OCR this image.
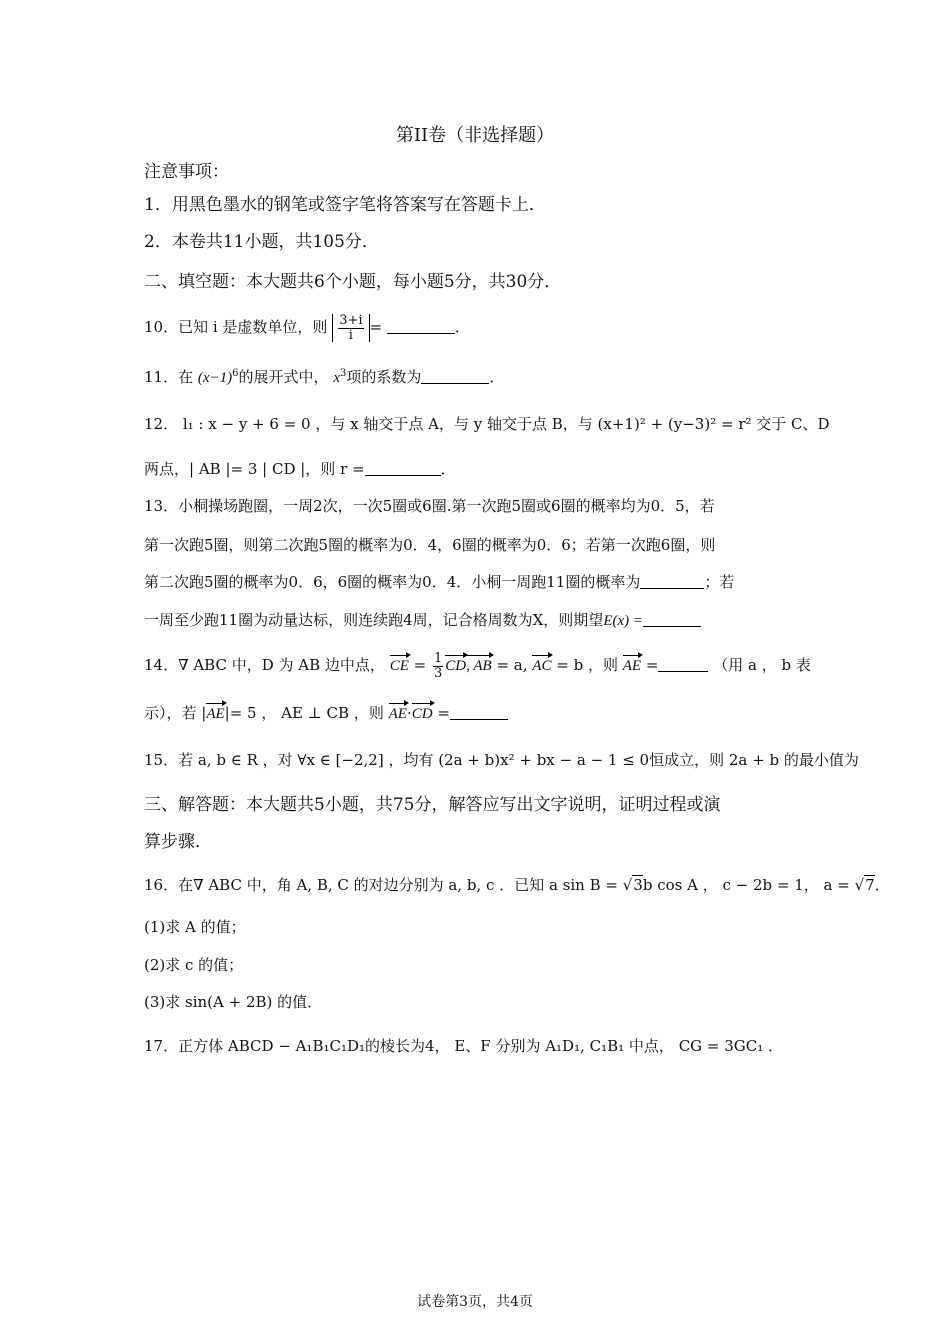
第II卷（非选择题）
注意事项：
1．用黑色墨水的钢笔或签字笔将答案写在答题卡上．
2．本卷共11小题，共105分．
二、填空题：本大题共6个小题，每小题5分，共30分．
10．已知 i 是虚数单位，则 $\frac{3+i}{i}$ =	．
11．在 $(x-1)^6$的展开式中， $x^3$项的系数为	．
12． l₁ : x − y + 6 = 0 ，与 x 轴交于点 A，与 y 轴交于点 B，与 (x+1)² + (y−3)² = r² 交于 C、D
两点，| AB |= 3 | CD |，则 r =	．
13．小桐操场跑圈，一周2次，一次5圈或6圈.第一次跑5圈或6圈的概率均为0．5，若
第一次跑5圈，则第二次跑5圈的概率为0．4，6圈的概率为0．6；若第一次跑6圈，则
第二次跑5圈的概率为0．6，6圈的概率为0．4．小桐一周跑11圈的概率为	；若
一周至少跑11圈为动量达标，则连续跑4周，记合格周数为X，则期望E(x) =
14．∇ ABC 中，D 为 AB 边中点， CE = $\frac{1}{3}$ CD, AB = a, AC = b ，则 AE =	（用 a ， b 表
示），若 |AE|= 5 ， AE ⊥ CB ，则 AE·CD =
15．若 a, b ∈ R ，对 ∀x ∈ [−2,2] ，均有 (2a + b)x² + bx − a − 1 ≤ 0恒成立，则 2a + b 的最小值为
三、解答题：本大题共5小题，共75分，解答应写出文字说明，证明过程或演
算步骤．
16．在∇ ABC 中，角 A, B, C 的对边分别为 a, b, c ．已知 a sin B = √3b cos A ， c − 2b = 1， a = √7．
(1)求 A 的值；
(2)求 c 的值；
(3)求 sin(A + 2B) 的值．
17．正方体 ABCD − A₁B₁C₁D₁的棱长为4， E、F 分别为 A₁D₁, C₁B₁ 中点， CG = 3GC₁ ．
试卷第3页，共4页
